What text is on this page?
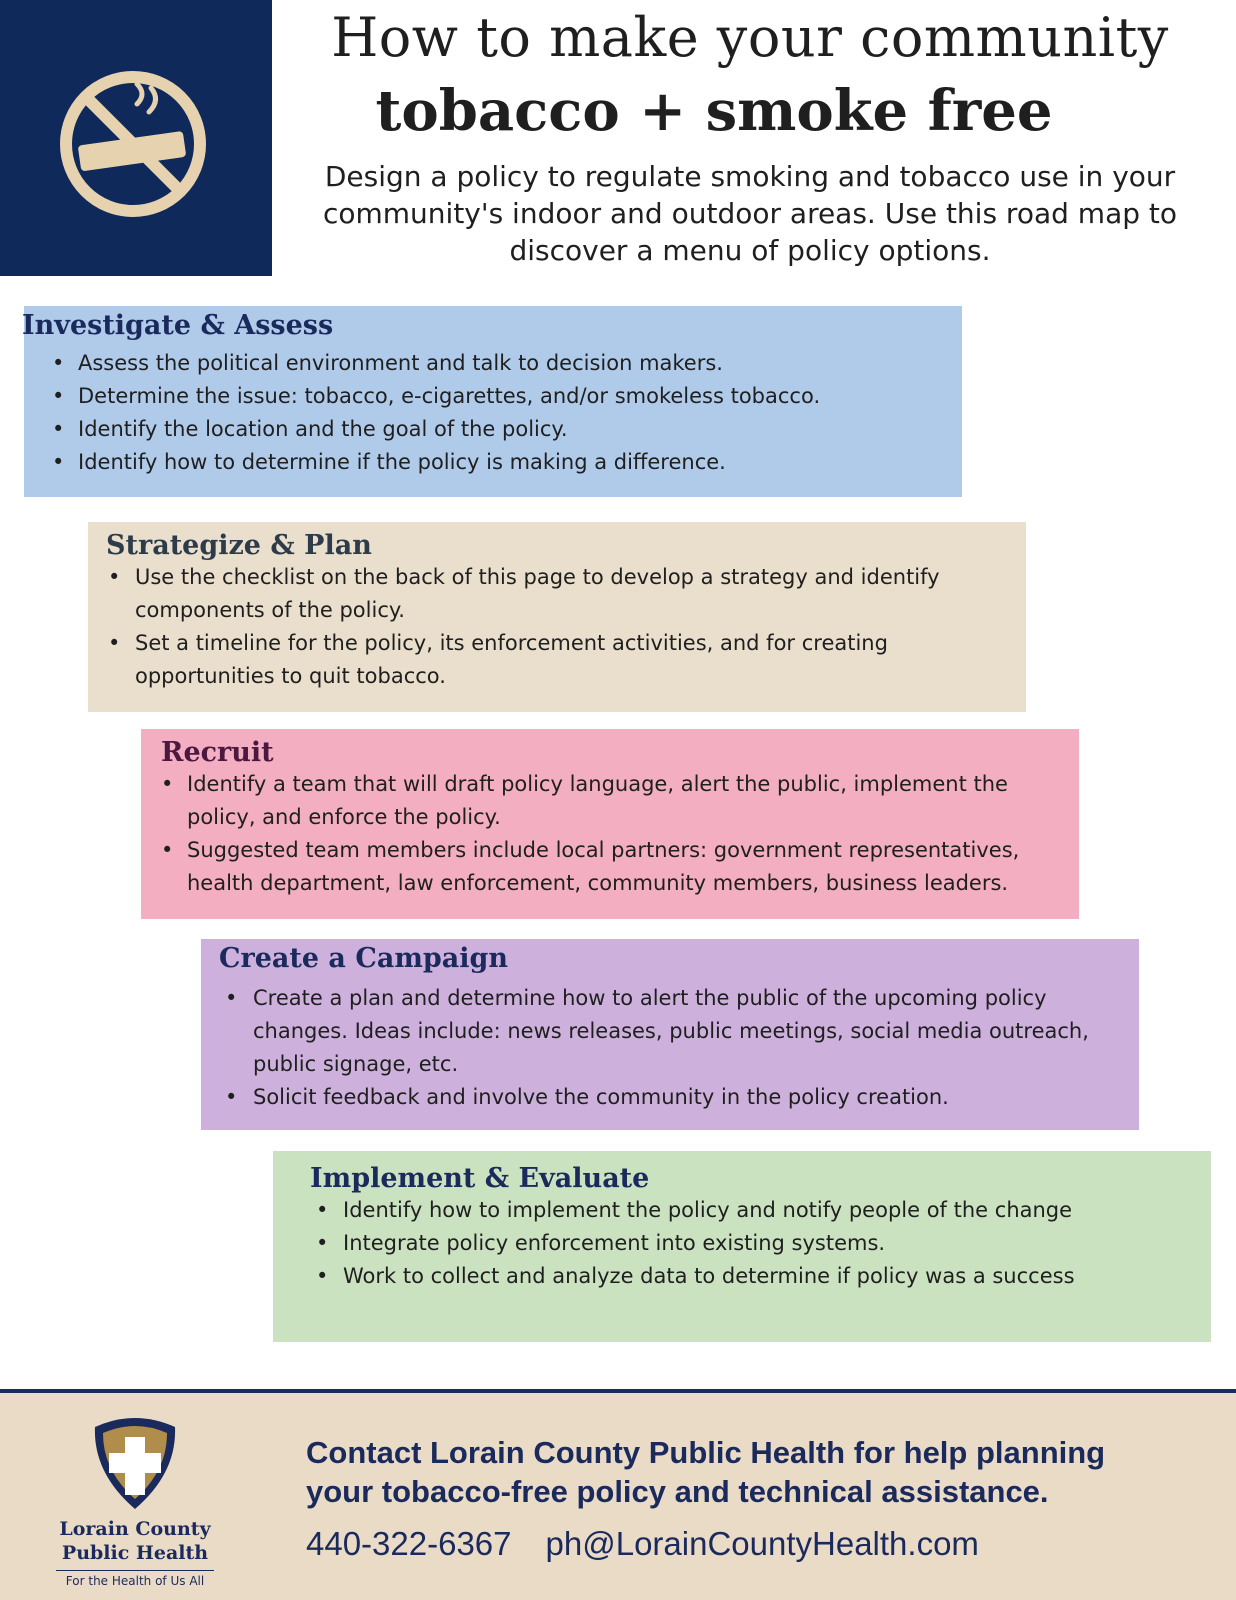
How to make your community
tobacco + smoke free
Design a policy to regulate smoking and tobacco use in your community's indoor and outdoor areas. Use this road map to discover a menu of policy options.
Investigate & Assess
• Assess the political environment and talk to decision makers.
• Determine the issue: tobacco, e-cigarettes, and/or smokeless tobacco.
• Identify the location and the goal of the policy.
• Identify how to determine if the policy is making a difference.
Strategize & Plan
• Use the checklist on the back of this page to develop a strategy and identify components of the policy.
• Set a timeline for the policy, its enforcement activities, and for creating opportunities to quit tobacco.
Recruit
• Identify a team that will draft policy language, alert the public, implement the policy, and enforce the policy.
• Suggested team members include local partners: government representatives, health department, law enforcement, community members, business leaders.
Create a Campaign
• Create a plan and determine how to alert the public of the upcoming policy changes. Ideas include: news releases, public meetings, social media outreach, public signage, etc.
• Solicit feedback and involve the community in the policy creation.
Implement & Evaluate
• Identify how to implement the policy and notify people of the change
• Integrate policy enforcement into existing systems.
• Work to collect and analyze data to determine if policy was a success
Lorain County
Public Health
For the Health of Us All
Contact Lorain County Public Health for help planning
your tobacco-free policy and technical assistance.
440-322-6367 ph@LorainCountyHealth.com
